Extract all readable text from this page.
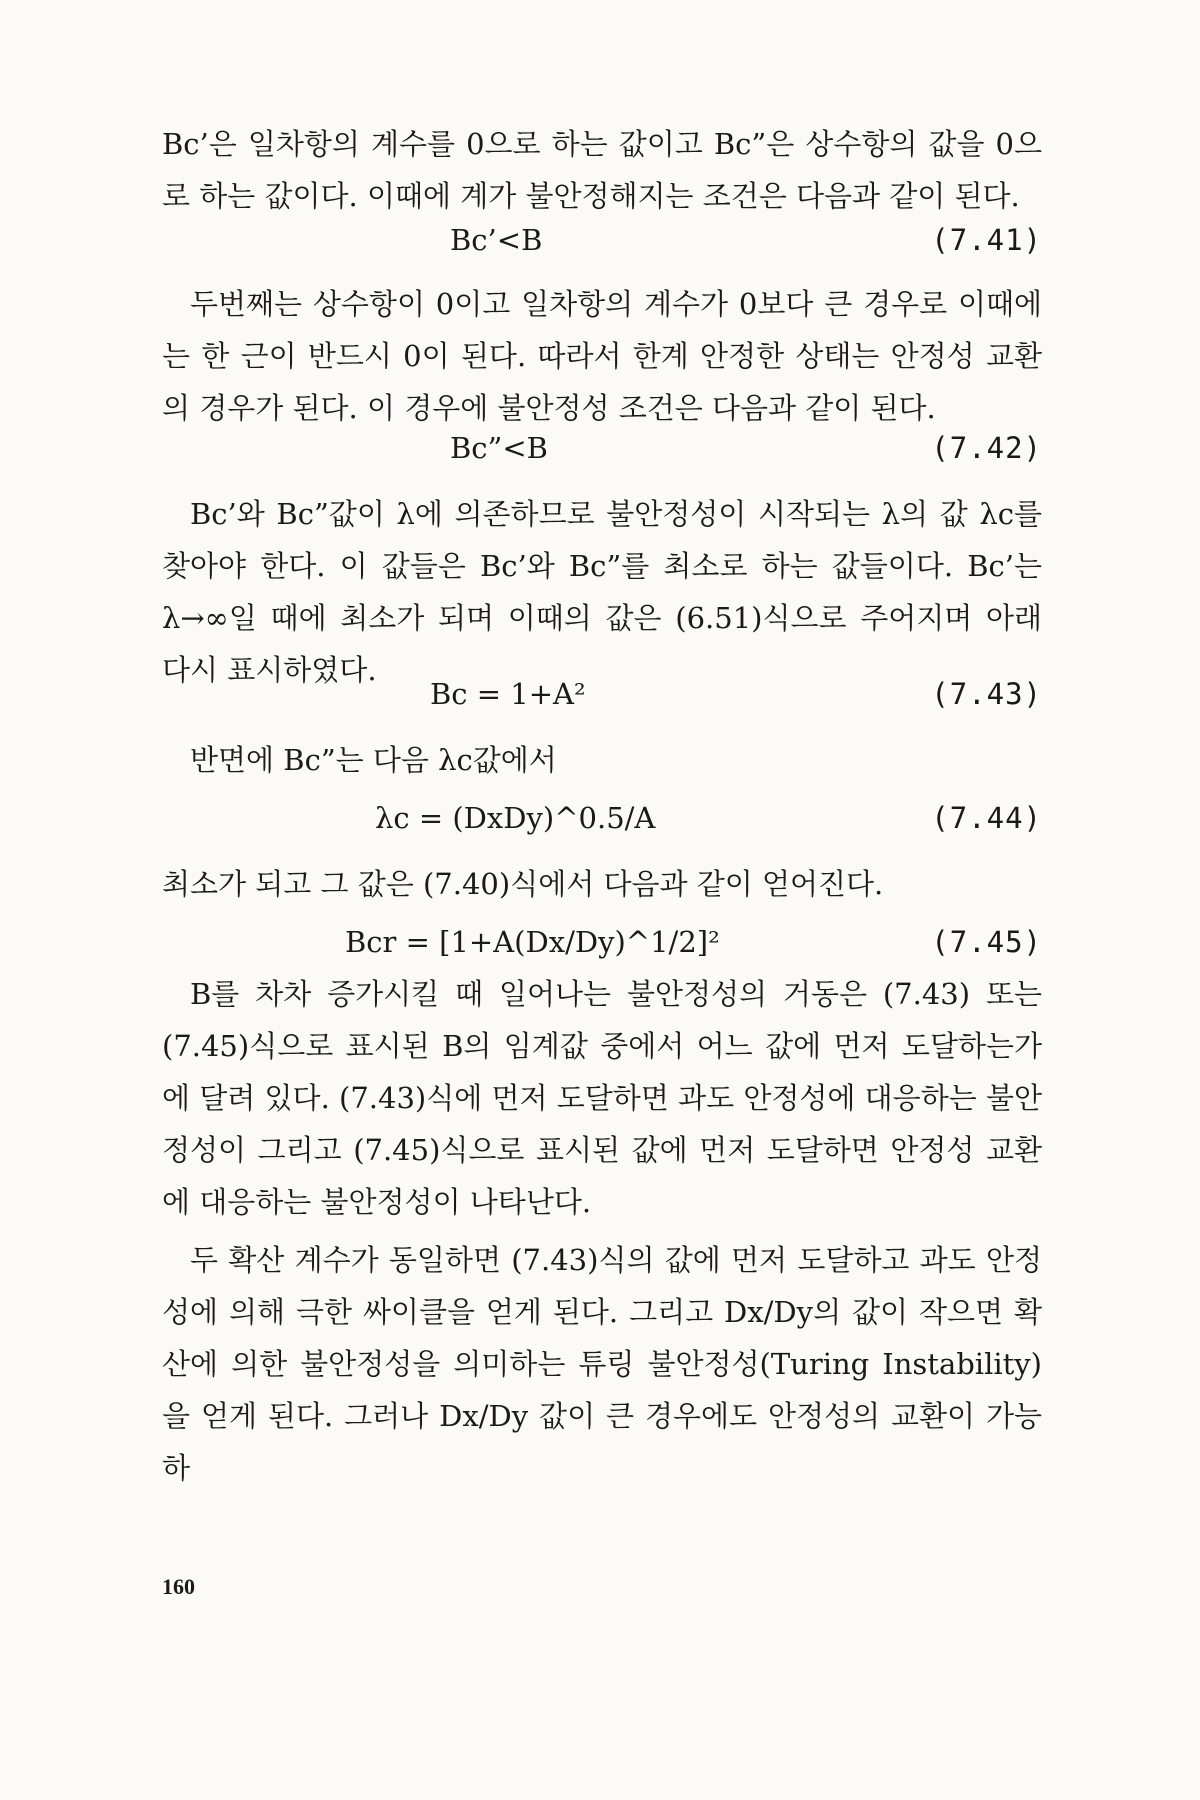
Bc’은 일차항의 계수를 0으로 하는 값이고 Bc”은 상수항의 값을 0으로 하는 값이다. 이때에 계가 불안정해지는 조건은 다음과 같이 된다.

Bc’<B	(7.41)

두번째는 상수항이 0이고 일차항의 계수가 0보다 큰 경우로 이때에는 한 근이 반드시 0이 된다. 따라서 한계 안정한 상태는 안정성 교환의 경우가 된다. 이 경우에 불안정성 조건은 다음과 같이 된다.

Bc”<B	(7.42)

Bc’와 Bc”값이 λ에 의존하므로 불안정성이 시작되는 λ의 값 λc를 찾아야 한다. 이 값들은 Bc’와 Bc”를 최소로 하는 값들이다. Bc’는 λ→∞일 때에 최소가 되며 이때의 값은 (6.51)식으로 주어지며 아래 다시 표시하였다.

Bc = 1+A²	(7.43)

반면에 Bc”는 다음 λc값에서

λc = (DxDy)^0.5/A	(7.44)

최소가 되고 그 값은 (7.40)식에서 다음과 같이 얻어진다.

Bcr = [1+A(Dx/Dy)^1/2]²	(7.45)

B를 차차 증가시킬 때 일어나는 불안정성의 거동은 (7.43) 또는 (7.45)식으로 표시된 B의 임계값 중에서 어느 값에 먼저 도달하는가에 달려 있다. (7.43)식에 먼저 도달하면 과도 안정성에 대응하는 불안정성이 그리고 (7.45)식으로 표시된 값에 먼저 도달하면 안정성 교환에 대응하는 불안정성이 나타난다.

두 확산 계수가 동일하면 (7.43)식의 값에 먼저 도달하고 과도 안정성에 의해 극한 싸이클을 얻게 된다. 그리고 Dx/Dy의 값이 작으면 확산에 의한 불안정성을 의미하는 튜링 불안정성(Turing Instability)을 얻게 된다. 그러나 Dx/Dy 값이 큰 경우에도 안정성의 교환이 가능하

160
